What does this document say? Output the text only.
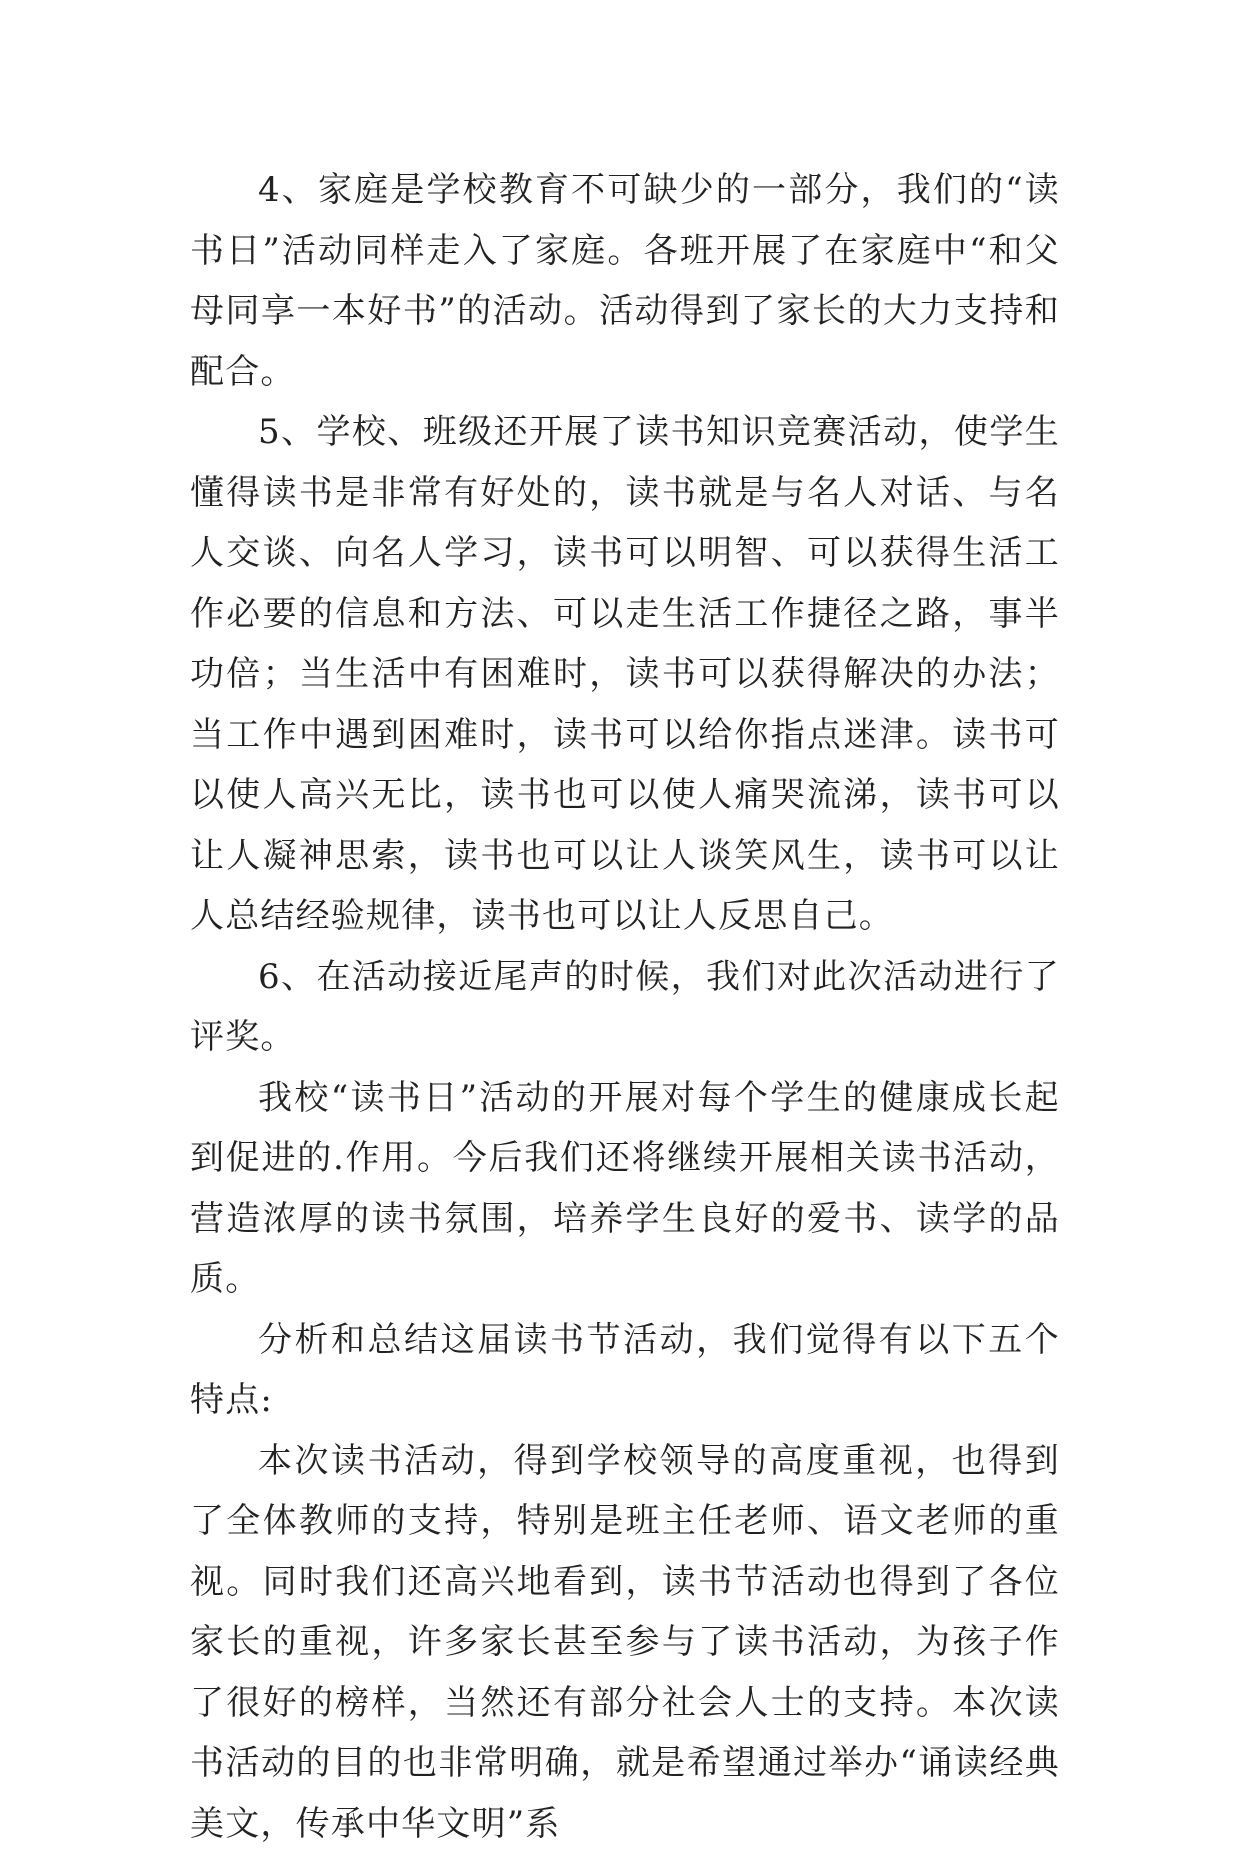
4、家庭是学校教育不可缺少的一部分，我们的“读书日”活动同样走入了家庭。各班开展了在家庭中“和父母同享一本好书”的活动。活动得到了家长的大力支持和配合。

5、学校、班级还开展了读书知识竞赛活动，使学生懂得读书是非常有好处的，读书就是与名人对话、与名人交谈、向名人学习，读书可以明智、可以获得生活工作必要的信息和方法、可以走生活工作捷径之路，事半功倍；当生活中有困难时，读书可以获得解决的办法；当工作中遇到困难时，读书可以给你指点迷津。读书可以使人高兴无比，读书也可以使人痛哭流涕，读书可以让人凝神思索，读书也可以让人谈笑风生，读书可以让人总结经验规律，读书也可以让人反思自己。

6、在活动接近尾声的时候，我们对此次活动进行了评奖。

我校“读书日”活动的开展对每个学生的健康成长起到促进的.作用。今后我们还将继续开展相关读书活动，营造浓厚的读书氛围，培养学生良好的爱书、读学的品质。

分析和总结这届读书节活动，我们觉得有以下五个特点:

本次读书活动，得到学校领导的高度重视，也得到了全体教师的支持，特别是班主任老师、语文老师的重视。同时我们还高兴地看到，读书节活动也得到了各位家长的重视，许多家长甚至参与了读书活动，为孩子作了很好的榜样，当然还有部分社会人士的支持。本次读书活动的目的也非常明确，就是希望通过举办“诵读经典美文，传承中华文明”系
